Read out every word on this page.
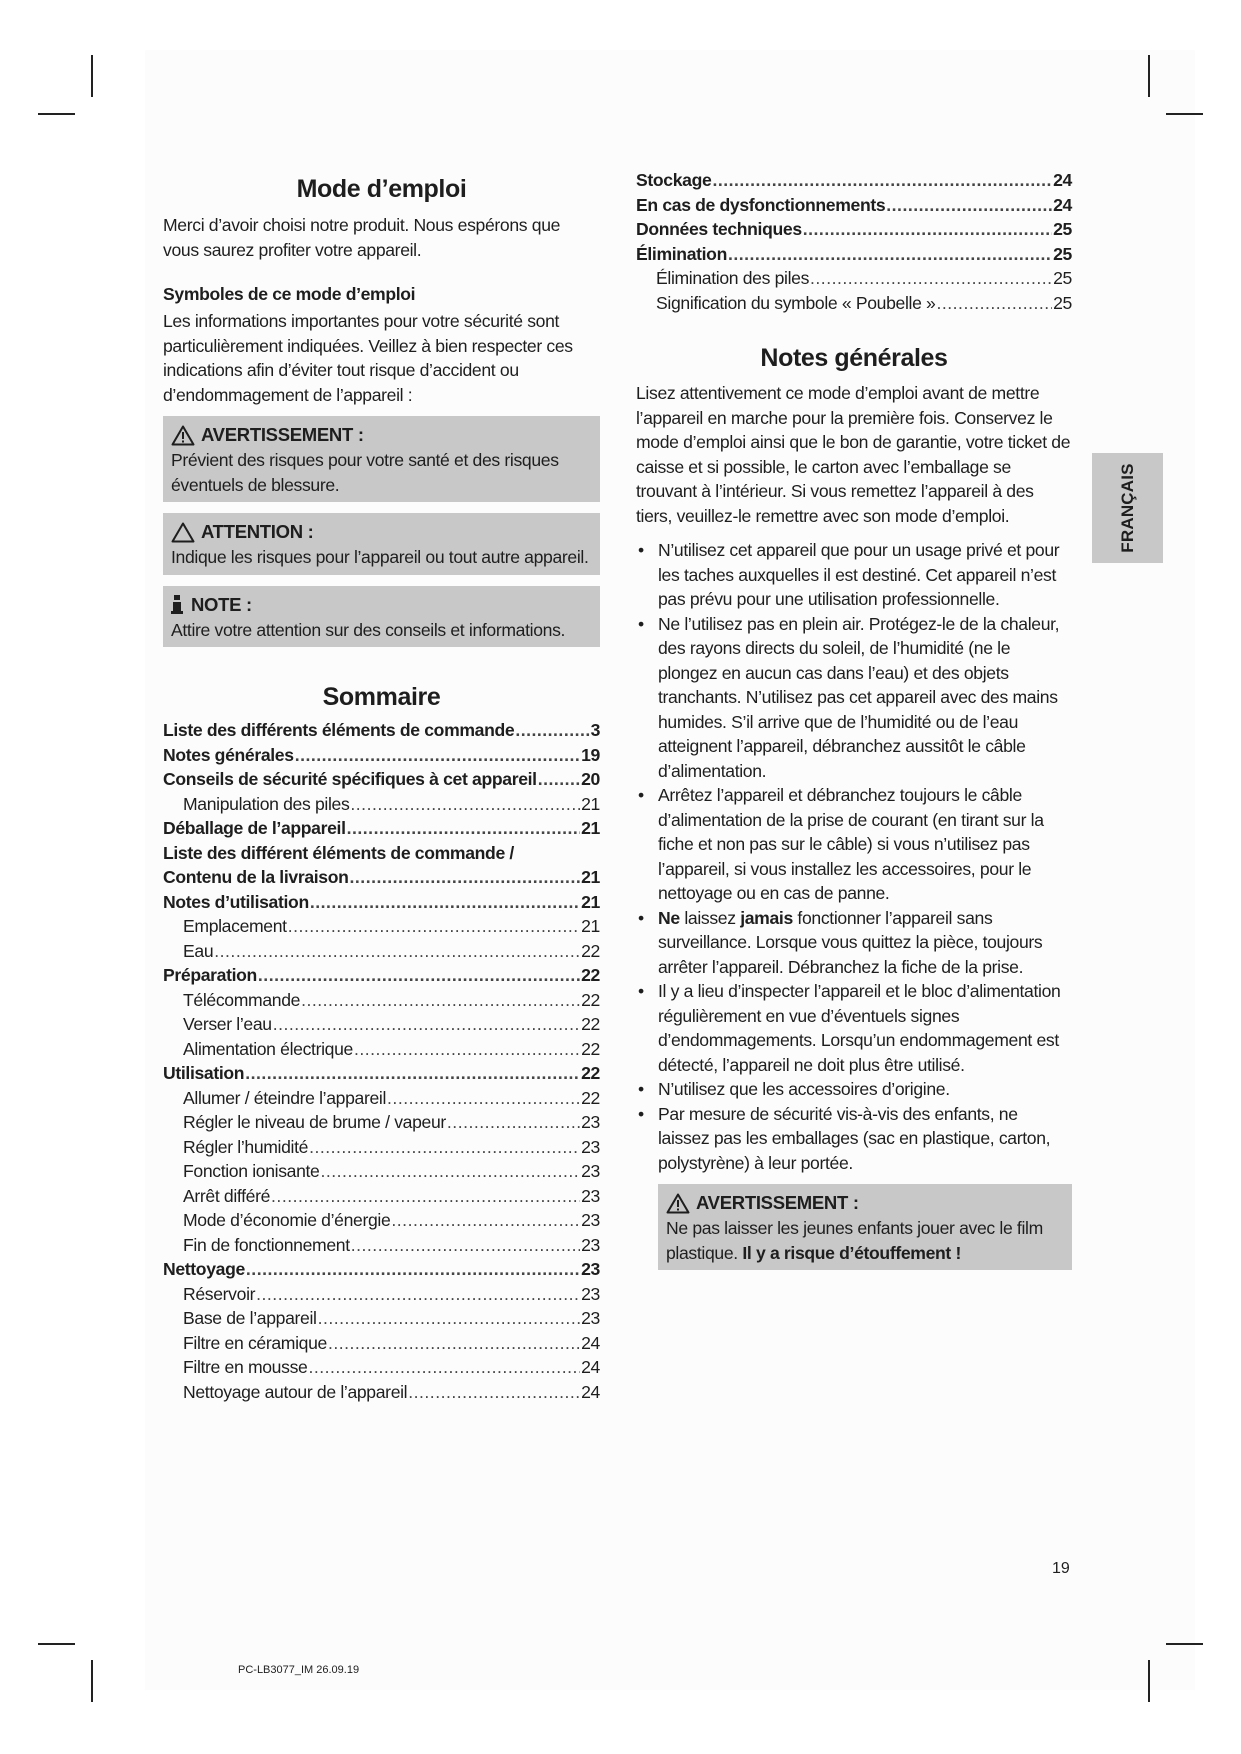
Mode d’emploi

Merci d’avoir choisi notre produit. Nous espérons que vous saurez profiter votre appareil.

Symboles de ce mode d’emploi

Les informations importantes pour votre sécurité sont particulièrement indiquées. Veillez à bien respecter ces indications afin d’éviter tout risque d’accident ou d’endommagement de l’appareil :

AVERTISSEMENT :
Prévient des risques pour votre santé et des risques éventuels de blessure.
ATTENTION :
Indique les risques pour l’appareil ou tout autre appareil.
NOTE :
Attire votre attention sur des conseils et informations.
Sommaire
Liste des différents éléments de commande .....	3
Notes générales .....	19
Conseils de sécurité spécifiques à cet appareil .....	20
Manipulation des piles .....	21
Déballage de l’appareil .....	21
Liste des différent éléments de commande /
Contenu de la livraison .....	21
Notes d’utilisation .....	21
Emplacement .....	21
Eau .....	22
Préparation .....	22
Télécommande .....	22
Verser l’eau .....	22
Alimentation électrique .....	22
Utilisation .....	22
Allumer / éteindre l’appareil .....	22
Régler le niveau de brume / vapeur .....	23
Régler l’humidité .....	23
Fonction ionisante .....	23
Arrêt différé .....	23
Mode d’économie d’énergie .....	23
Fin de fonctionnement .....	23
Nettoyage .....	23
Réservoir .....	23
Base de l’appareil .....	23
Filtre en céramique .....	24
Filtre en mousse .....	24
Nettoyage autour de l’appareil .....	24
Stockage .....	24
En cas de dysfonctionnements .....	24
Données techniques .....	25
Élimination .....	25
Élimination des piles .....	25
Signification du symbole « Poubelle » .....	25
Notes générales

Lisez attentivement ce mode d’emploi avant de mettre l’appareil en marche pour la première fois. Conservez le mode d’emploi ainsi que le bon de garantie, votre ticket de caisse et si possible, le carton avec l’emballage se trouvant à l’intérieur. Si vous remettez l’appareil à des tiers, veuillez-le remettre avec son mode d’emploi.

• N’utilisez cet appareil que pour un usage privé et pour les taches auxquelles il est destiné. Cet appareil n’est pas prévu pour une utilisation professionnelle.
• Ne l’utilisez pas en plein air. Protégez-le de la chaleur, des rayons directs du soleil, de l’humidité (ne le plongez en aucun cas dans l’eau) et des objets tranchants. N’utilisez pas cet appareil avec des mains humides. S’il arrive que de l’humidité ou de l’eau atteignent l’appareil, débranchez aussitôt le câble d’alimentation.
• Arrêtez l’appareil et débranchez toujours le câble d’alimentation de la prise de courant (en tirant sur la fiche et non pas sur le câble) si vous n’utilisez pas l’appareil, si vous installez les accessoires, pour le nettoyage ou en cas de panne.
• Ne laissez jamais fonctionner l’appareil sans surveillance. Lorsque vous quittez la pièce, toujours arrêter l’appareil. Débranchez la fiche de la prise.
• Il y a lieu d’inspecter l’appareil et le bloc d’alimentation régulièrement en vue d’éventuels signes d’endommagements. Lorsqu’un endommagement est détecté, l’appareil ne doit plus être utilisé.
• N’utilisez que les accessoires d’origine.
• Par mesure de sécurité vis-à-vis des enfants, ne laissez pas les emballages (sac en plastique, carton, polystyrène) à leur portée.
AVERTISSEMENT :
Ne pas laisser les jeunes enfants jouer avec le film plastique. Il y a risque d’étouffement !
FRANÇAIS
19
PC-LB3077_IM 26.09.19
